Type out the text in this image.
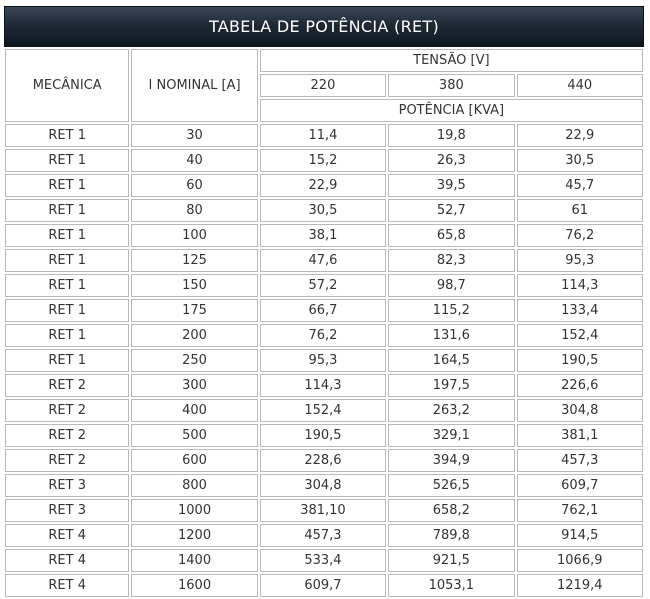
TABELA DE POTÊNCIA (RET)
MECÂNICA	I NOMINAL [A]	TENSÃO [V]		
		220	380	440
		POTÊNCIA [KVA]		
RET 1	30	11,4	19,8	22,9
RET 1	40	15,2	26,3	30,5
RET 1	60	22,9	39,5	45,7
RET 1	80	30,5	52,7	61
RET 1	100	38,1	65,8	76,2
RET 1	125	47,6	82,3	95,3
RET 1	150	57,2	98,7	114,3
RET 1	175	66,7	115,2	133,4
RET 1	200	76,2	131,6	152,4
RET 1	250	95,3	164,5	190,5
RET 2	300	114,3	197,5	226,6
RET 2	400	152,4	263,2	304,8
RET 2	500	190,5	329,1	381,1
RET 2	600	228,6	394,9	457,3
RET 3	800	304,8	526,5	609,7
RET 3	1000	381,10	658,2	762,1
RET 4	1200	457,3	789,8	914,5
RET 4	1400	533,4	921,5	1066,9
RET 4	1600	609,7	1053,1	1219,4
